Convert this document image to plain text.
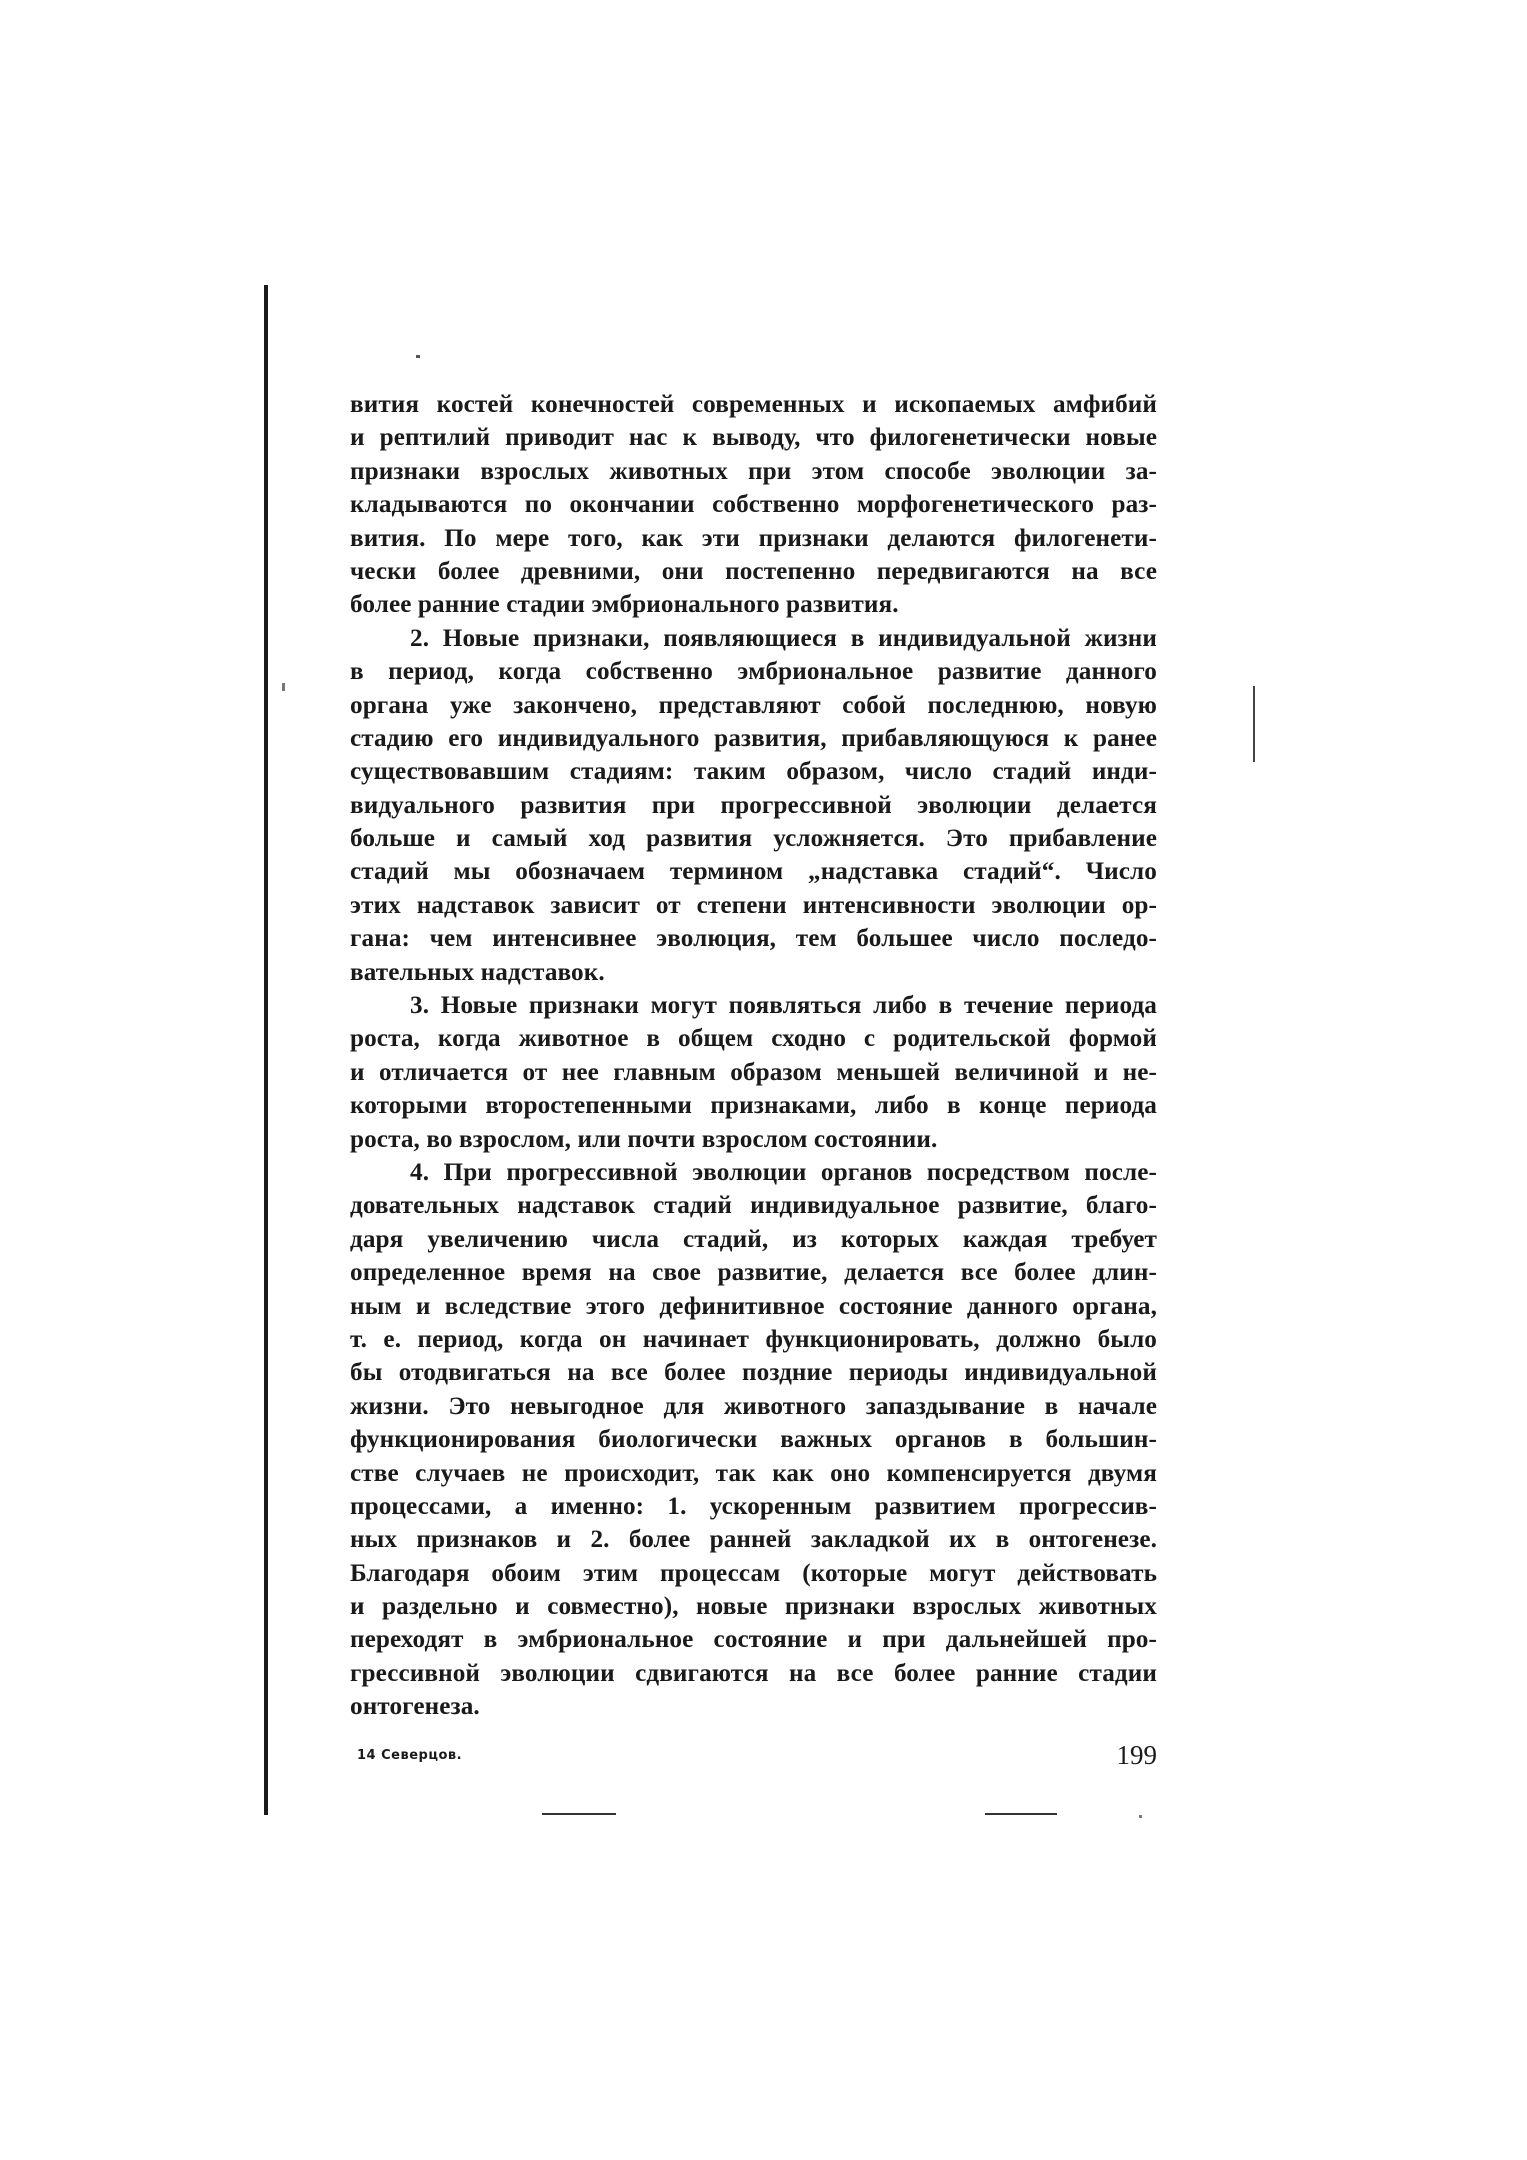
вития костей конечностей современных и ископаемых амфибий
и рептилий приводит нас к выводу, что филогенетически новые
признаки взрослых животных при этом способе эволюции за-
кладываются по окончании собственно морфогенетического раз-
вития. По мере того, как эти признаки делаются филогенети-
чески более древними, они постепенно передвигаются на все
более ранние стадии эмбрионального развития.
2. Новые признаки, появляющиеся в индивидуальной жизни
в период, когда собственно эмбриональное развитие данного
органа уже закончено, представляют собой последнюю, новую
стадию его индивидуального развития, прибавляющуюся к ранее
существовавшим стадиям: таким образом, число стадий инди-
видуального развития при прогрессивной эволюции делается
больше и самый ход развития усложняется. Это прибавление
стадий мы обозначаем термином „надставка стадий“. Число
этих надставок зависит от степени интенсивности эволюции ор-
гана: чем интенсивнее эволюция, тем большее число последо-
вательных надставок.
3. Новые признаки могут появляться либо в течение периода
роста, когда животное в общем сходно с родительской формой
и отличается от нее главным образом меньшей величиной и не-
которыми второстепенными признаками, либо в конце периода
роста, во взрослом, или почти взрослом состоянии.
4. При прогрессивной эволюции органов посредством после-
довательных надставок стадий индивидуальное развитие, благо-
даря увеличению числа стадий, из которых каждая требует
определенное время на свое развитие, делается все более длин-
ным и вследствие этого дефинитивное состояние данного органа,
т. е. период, когда он начинает функционировать, должно было
бы отодвигаться на все более поздние периоды индивидуальной
жизни. Это невыгодное для животного запаздывание в начале
функционирования биологически важных органов в большин-
стве случаев не происходит, так как оно компенсируется двумя
процессами, а именно: 1. ускоренным развитием прогрессив-
ных признаков и 2. более ранней закладкой их в онтогенезе.
Благодаря обоим этим процессам (которые могут действовать
и раздельно и совместно), новые признаки взрослых животных
переходят в эмбриональное состояние и при дальнейшей про-
грессивной эволюции сдвигаются на все более ранние стадии
онтогенеза.
14 Северцов.	199
